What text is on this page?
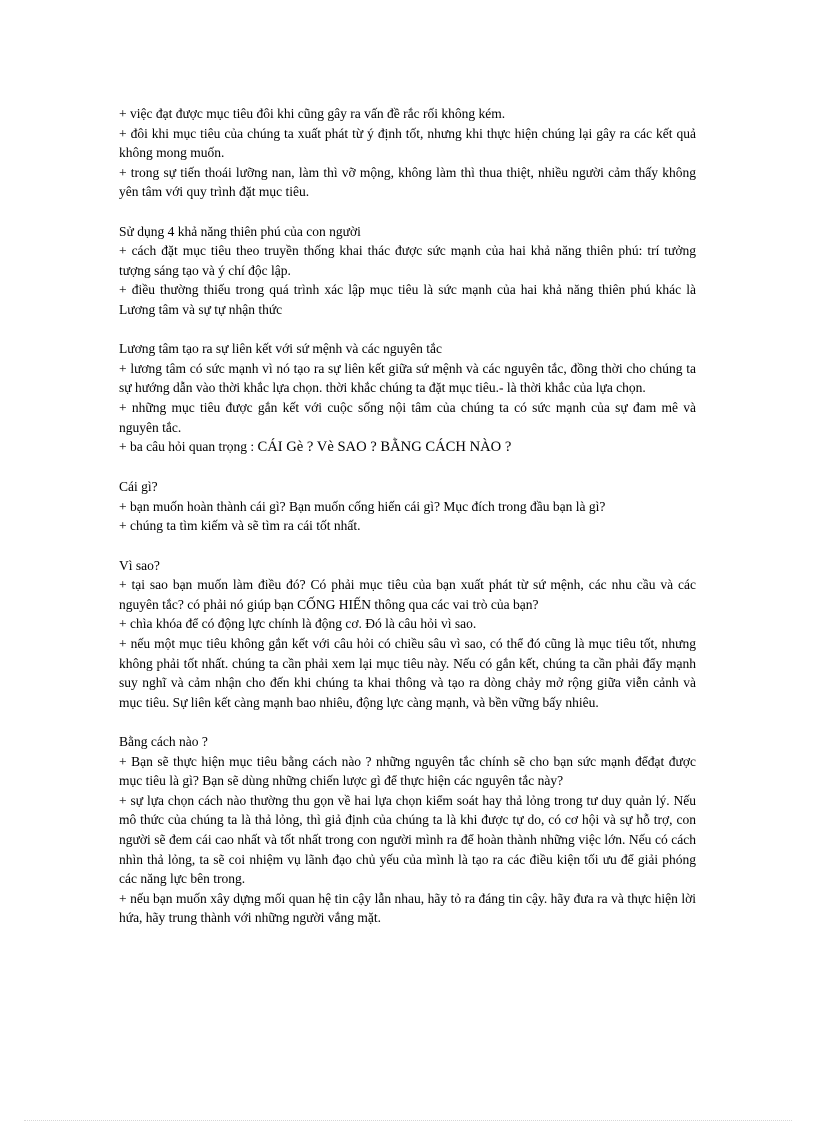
+ việc đạt được mục tiêu đôi khi cũng gây ra vấn đề rắc rối không kém.

+ đôi khi mục tiêu của chúng ta xuất phát từ ý định tốt, nhưng khi thực hiện chúng lại gây ra các kết quả không mong muốn.

+ trong sự tiến thoái lưỡng nan, làm thì vỡ mộng, không làm thì thua thiệt, nhiều người cảm thấy không yên tâm với quy trình đặt mục tiêu.

Sử dụng 4 khả năng thiên phú của con người

+ cách đặt mục tiêu theo truyền thống khai thác được sức mạnh của hai khả năng thiên phú: trí tưởng tượng sáng tạo và ý chí độc lập.

+ điều thường thiếu trong quá trình xác lập mục tiêu là sức mạnh của hai khả năng thiên phú khác là Lương tâm và sự tự nhận thức

Lương tâm tạo ra sự liên kết với sứ mệnh và các nguyên tắc

+ lương tâm có sức mạnh vì nó tạo ra sự liên kết giữa sứ mệnh và các nguyên tắc, đồng thời cho chúng ta sự hướng dẫn vào thời khắc lựa chọn. thời khắc chúng ta đặt mục tiêu.- là thời khắc của lựa chọn.

+ những mục tiêu được gắn kết với cuộc sống nội tâm của chúng ta có sức mạnh của sự đam mê và nguyên tắc.

+ ba câu hỏi quan trọng : CÁI Gè ? Vè SAO ? BẰNG CÁCH NÀO ?

Cái gì?

+ bạn muốn hoàn thành cái gì? Bạn muốn cống hiến cái gì? Mục đích trong đầu bạn là gì?

+ chúng ta tìm kiếm và sẽ tìm ra cái tốt nhất.

Vì sao?

+ tại sao bạn muốn làm điều đó? Có phải mục tiêu của bạn xuất phát từ sứ mệnh, các nhu cầu và các nguyên tắc? có phải nó giúp bạn CỐNG HIẾN thông qua các vai trò của bạn?

+ chìa khóa để có động lực chính là động cơ. Đó là câu hỏi vì sao.

+ nếu một mục tiêu không gắn kết với câu hỏi có chiều sâu vì sao, có thể đó cũng là mục tiêu tốt, nhưng không phải tốt nhất. chúng ta cần phải xem lại mục tiêu này. Nếu có gắn kết, chúng ta cần phải đẩy mạnh suy nghĩ và cảm nhận cho đến khi chúng ta khai thông và tạo ra dòng chảy mở rộng giữa viễn cảnh và mục tiêu. Sự liên kết càng mạnh bao nhiêu, động lực càng mạnh, và bền vững bấy nhiêu.

Bằng cách nào ?

+ Bạn sẽ thực hiện mục tiêu bằng cách nào ? những nguyên tắc chính sẽ cho bạn sức mạnh đểđạt được mục tiêu là gì? Bạn sẽ dùng những chiến lược gì để thực hiện các nguyên tắc này?

+ sự lựa chọn cách nào thường thu gọn về hai lựa chọn kiểm soát hay thả lỏng trong tư duy quản lý. Nếu mô thức của chúng ta là thả lỏng, thì giả định của chúng ta là khi được tự do, có cơ hội và sự hỗ trợ, con người sẽ đem cái cao nhất và tốt nhất trong con người mình ra để hoàn thành những việc lớn. Nếu có cách nhìn thả lỏng, ta sẽ coi nhiệm vụ lãnh đạo chủ yếu của mình là tạo ra các điều kiện tối ưu để giải phóng các năng lực bên trong.

+ nếu bạn muốn xây dựng mối quan hệ tin cậy lẫn nhau, hãy tỏ ra đáng tin cậy. hãy đưa ra và thực hiện lời hứa, hãy trung thành với những người vắng mặt.
